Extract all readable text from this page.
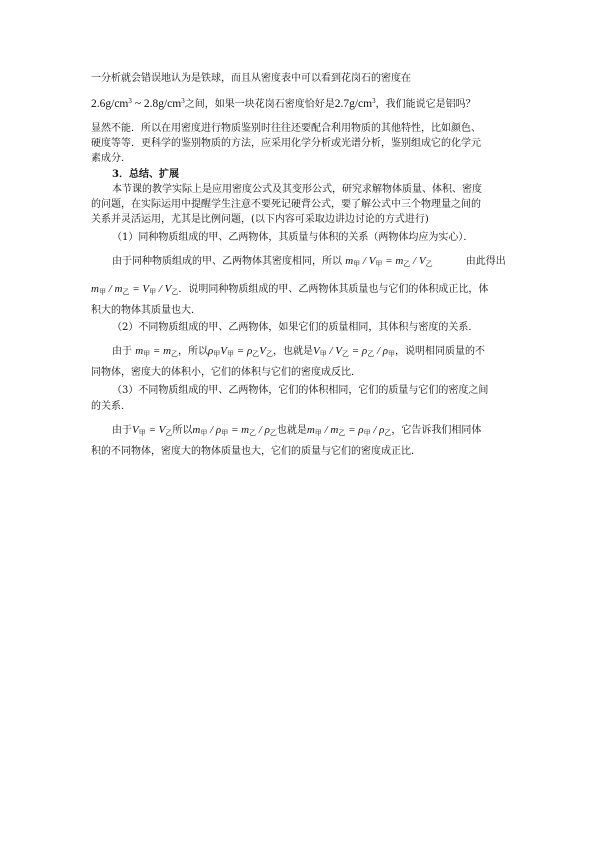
一分析就会错误地认为是铁球，而且从密度表中可以看到花岗石的密度在
$2.6g/cm^3$ ~ $2.8g/cm^3$之间，如果一块花岗石密度恰好是$2.7g/cm^3$，我们能说它是铝吗？
显然不能．所以在用密度进行物质鉴别时往往还要配合利用物质的其他特性，比如颜色、
硬度等等．更科学的鉴别物质的方法，应采用化学分析或光谱分析，鉴别组成它的化学元
素成分．
3．总结、扩展
本节课的教学实际上是应用密度公式及其变形公式，研究求解物体质量、体积、密度
的问题，在实际运用中提醒学生注意不要死记硬背公式，要了解公式中三个物理量之间的
关系并灵活运用，尤其是比例问题，(以下内容可采取边讲边讨论的方式进行)
（1）同种物质组成的甲、乙两物体，其质量与体积的关系（两物体均应为实心）．
由于同种物质组成的甲、乙两物体其密度相同，所以 $m_甲 / V_甲 = m_乙 / V_乙$	由此得出
$m_甲 / m_乙 = V_甲 / V_乙$．说明同种物质组成的甲、乙两物体其质量也与它们的体积成正比，体
积大的物体其质量也大．
（2）不同物质组成的甲、乙两物体，如果它们的质量相同，其体积与密度的关系．
由于 $m_甲 = m_乙$，所以$\rho_甲V_甲 = \rho_乙V_乙$，也就是$V_甲 / V_乙 = \rho_乙 / \rho_甲$，说明相同质量的不
同物体，密度大的体积小，它们的体积与它们的密度成反比．
（3）不同物质组成的甲、乙两物体，它们的体积相同，它们的质量与它们的密度之间
的关系．
由于$V_甲 = V_乙$所以$m_甲 / \rho_甲 = m_乙 / \rho_乙$也就是$m_甲 / m_乙 = \rho_甲 / \rho_乙$，它告诉我们相同体
积的不同物体，密度大的物体质量也大，它们的质量与它们的密度成正比．
